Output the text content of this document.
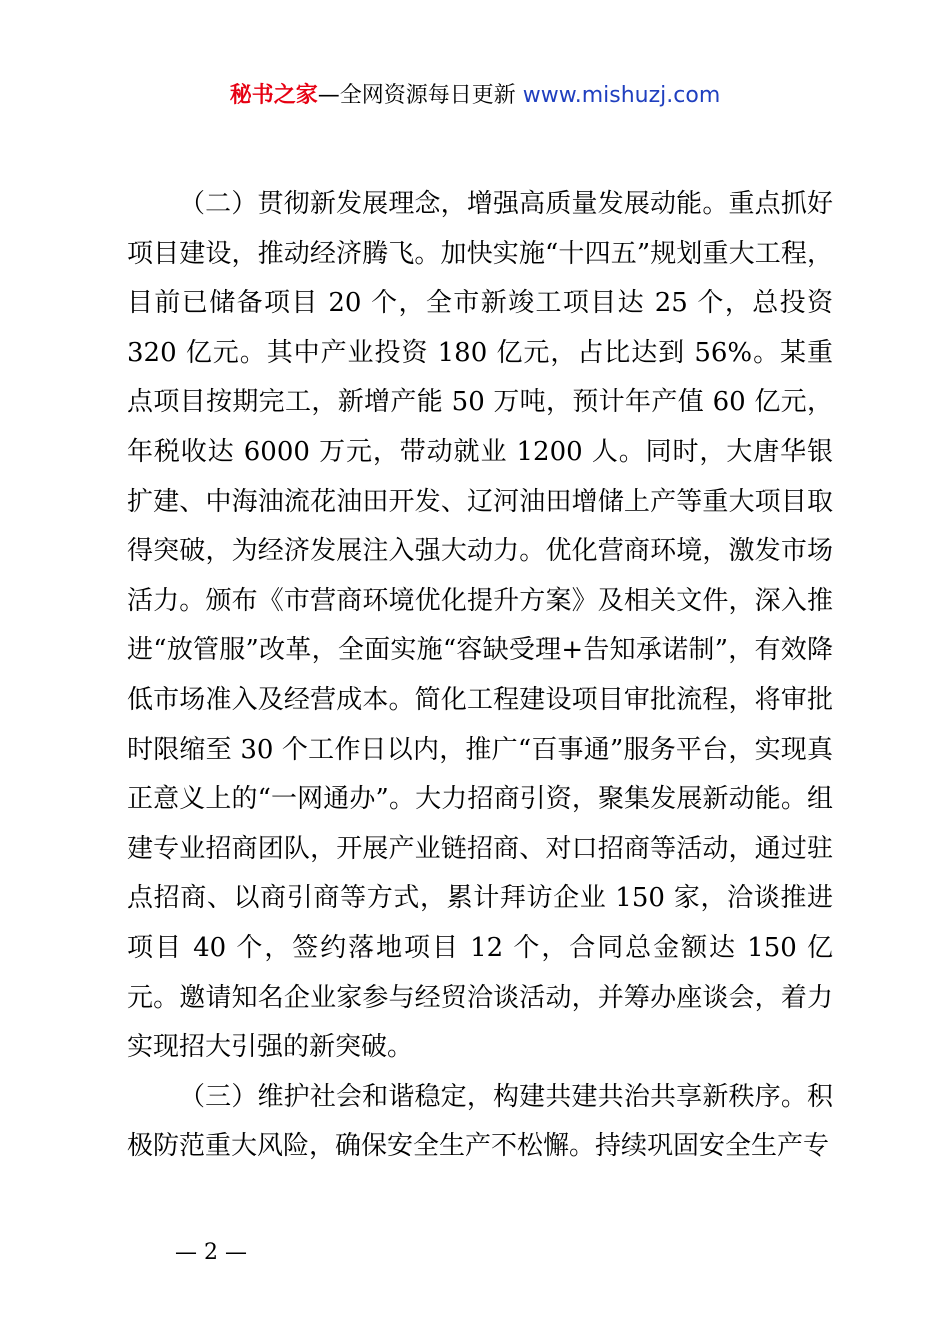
秘书之家—全网资源每日更新 www.mishuzj.com

（二）贯彻新发展理念，增强高质量发展动能。重点抓好项目建设，推动经济腾飞。加快实施“十四五”规划重大工程，目前已储备项目 20 个，全市新竣工项目达 25 个，总投资 320 亿元。其中产业投资 180 亿元，占比达到 56%。某重点项目按期完工，新增产能 50 万吨，预计年产值 60 亿元，年税收达 6000 万元，带动就业 1200 人。同时，大唐华银扩建、中海油流花油田开发、辽河油田增储上产等重大项目取得突破，为经济发展注入强大动力。优化营商环境，激发市场活力。颁布《市营商环境优化提升方案》及相关文件，深入推进“放管服”改革，全面实施“容缺受理+告知承诺制”，有效降低市场准入及经营成本。简化工程建设项目审批流程，将审批时限缩至 30 个工作日以内，推广“百事通”服务平台，实现真正意义上的“一网通办”。大力招商引资，聚集发展新动能。组建专业招商团队，开展产业链招商、对口招商等活动，通过驻点招商、以商引商等方式，累计拜访企业 150 家，洽谈推进项目 40 个，签约落地项目 12 个，合同总金额达 150 亿元。邀请知名企业家参与经贸洽谈活动，并筹办座谈会，着力实现招大引强的新突破。

（三）维护社会和谐稳定，构建共建共治共享新秩序。积极防范重大风险，确保安全生产不松懈。持续巩固安全生产专

— 2 —
